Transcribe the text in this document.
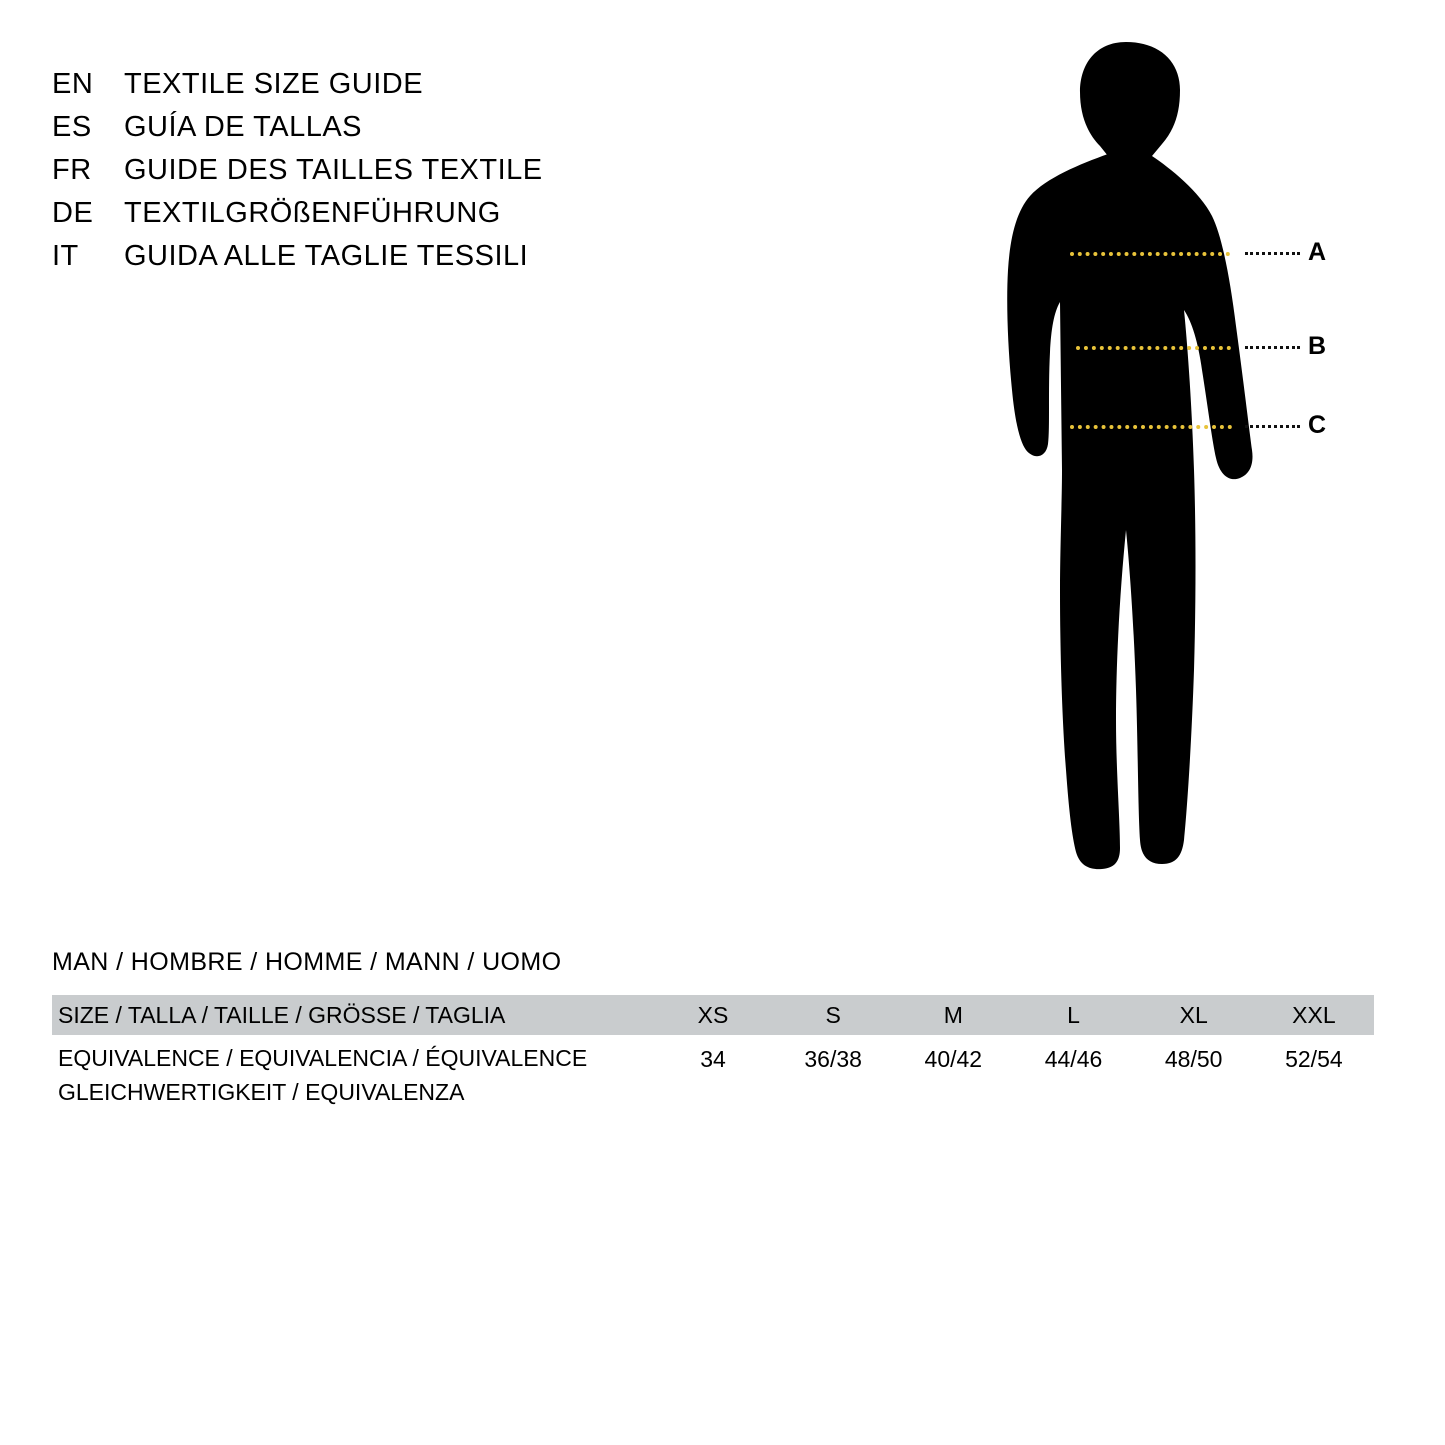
EN	TEXTILE SIZE GUIDE
ES	GUÍA DE TALLAS
FR	GUIDE DES TAILLES TEXTILE
DE	TEXTILGRÖßENFÜHRUNG
IT	GUIDA ALLE TAGLIE TESSILI	A
B
C
MAN / HOMBRE / HOMME / MANN / UOMO
SIZE / TALLA / TAILLE / GRÖSSE / TAGLIA	XS	S	M	L	XL	XXL
EQUIVALENCE / EQUIVALENCIA / ÉQUIVALENCE
GLEICHWERTIGKEIT / EQUIVALENZA	34	36/38	40/42	44/46	48/50	52/54
